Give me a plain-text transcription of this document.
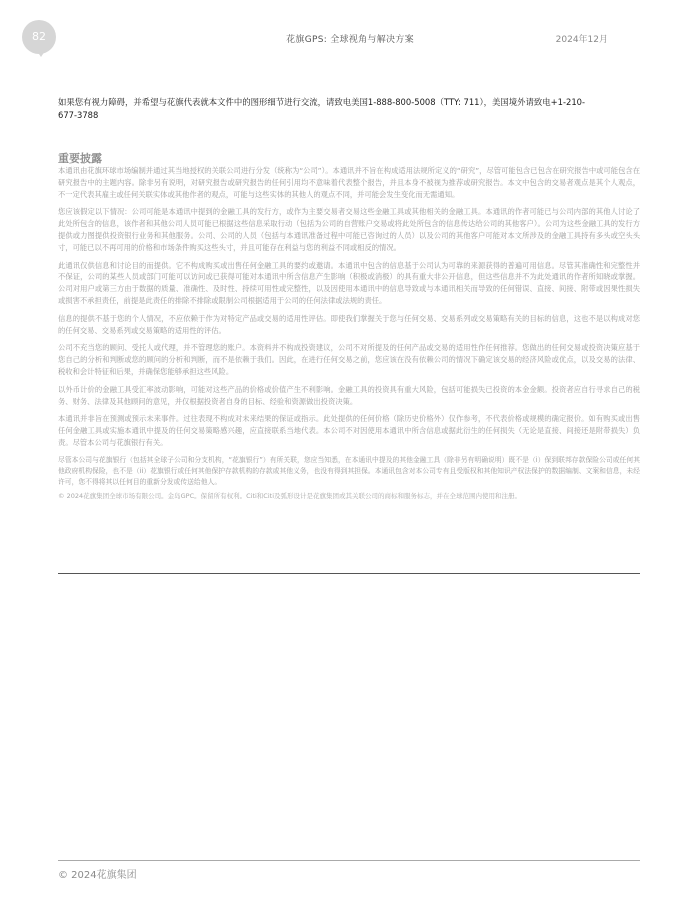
82	花旗GPS: 全球视角与解决方案	2024年12月
如果您有视力障碍，并希望与花旗代表就本文件中的图形细节进行交流，请致电美国1-888-800-5008（TTY: 711），美国境外请致电+1-210-677-3788
重要披露

本通讯由花旗环球市场编制并通过其当地授权的关联公司进行分发（统称为“公司”）。本通讯并不旨在构成适用法规所定义的“研究”，尽管可能包含已包含在研究报告中或可能包含在研究报告中的主题内容。除非另有说明，对研究报告或研究报告的任何引用均不意味着代表整个报告，并且本身不被视为推荐或研究报告。本文中包含的交易者观点是其个人观点，不一定代表其雇主或任何关联实体或其他作者的观点，可能与这些实体的其他人的观点不同，并可能会发生变化而无需通知。

您应该假定以下情况：公司可能是本通讯中提到的金融工具的发行方，或作为主要交易者交易这些金融工具或其他相关的金融工具。本通讯的作者可能已与公司内部的其他人讨论了此处所包含的信息，该作者和其他公司人员可能已根据这些信息采取行动（包括为公司的自营账户交易或将此处所包含的信息传达给公司的其他客户）。公司为这些金融工具的发行方提供或力图提供投资银行业务和其他服务。公司、公司的人员（包括与本通讯准备过程中可能已咨询过的人员）以及公司的其他客户可能对本文所涉及的金融工具持有多头或空头头寸，可能已以不再可用的价格和市场条件购买这些头寸，并且可能存在利益与您的利益不同或相反的情况。

此通讯仅供信息和讨论目的而提供。它不构成购买或出售任何金融工具的要约或邀请。本通讯中包含的信息基于公司认为可靠的来源获得的普遍可用信息。尽管其准确性和完整性并不保证，公司的某些人员或部门可能可以访问或已获得可能对本通讯中所含信息产生影响（积极或消极）的具有重大非公开信息，但这些信息并不为此处通讯的作者所知晓或掌握。公司对用户或第三方由于数据的质量、准确性、及时性、持续可用性或完整性，以及因使用本通讯中的信息导致或与本通讯相关而导致的任何错误、直接、间接、附带或因果性损失或损害不承担责任，前提是此责任的排除不排除或限制公司根据适用于公司的任何法律或法规的责任。

信息的提供不基于您的个人情况，不应依赖于作为对特定产品或交易的适用性评估。即使我们掌握关于您与任何交易、交易系列或交易策略有关的目标的信息，这也不是以构成对您的任何交易、交易系列或交易策略的适用性的评估。

公司不充当您的顾问、受托人或代理，并不管理您的账户。本资料并不构成投资建议，公司不对所提及的任何产品或交易的适用性作任何推荐。您做出的任何交易或投资决策应基于您自己的分析和判断或您的顾问的分析和判断，而不是依赖于我们。因此，在进行任何交易之前，您应该在没有依赖公司的情况下确定该交易的经济风险或优点，以及交易的法律、税收和会计特征和后果，并确保您能够承担这些风险。

以外币计价的金融工具受汇率波动影响，可能对这些产品的价格或价值产生不利影响。金融工具的投资具有重大风险，包括可能损失已投资的本金金额。投资者应自行寻求自己的税务、财务、法律及其他顾问的意见，并仅根据投资者自身的目标、经验和资源做出投资决策。

本通讯并非旨在预测或预示未来事件。过往表现不构成对未来结果的保证或指示。此处提供的任何价格（除历史价格外）仅作参考，不代表价格或规模的确定报价。如有购买或出售任何金融工具或实施本通讯中提及的任何交易策略感兴趣，应直接联系当地代表。本公司不对因使用本通讯中所含信息或据此衍生的任何损失（无论是直接、间接还是附带损失）负责。尽管本公司与花旗银行有关。

尽管本公司与花旗银行（包括其全球子公司和分支机构，“花旗银行”）有所关联，您应当知悉，在本通讯中提及的其他金融工具（除非另有明确说明）既不是（i）保到联邦存款保险公司或任何其他政府机构保险，也不是（ii）花旗银行或任何其他保护存款机构的存款或其他义务，也没有得到其担保。本通讯包含对本公司专有且受版权和其他知识产权法保护的数据编制、文案和信息，未经许可，您不得将其以任何目的重新分发或传送给他人。

© 2024花旗集团全球市场有限公司。金岛GPC。保留所有权利。Citi和Citi及弧形设计是花旗集团或其关联公司的商标和服务标志，并在全球范围内使用和注册。

© 2024花旗集团
